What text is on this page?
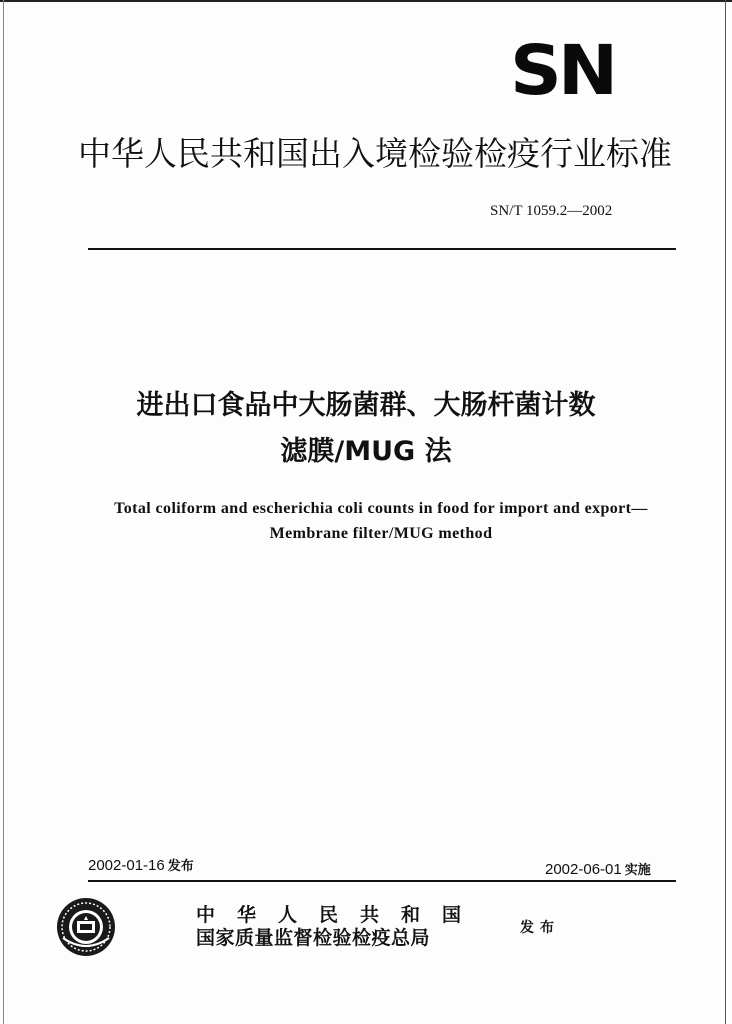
SN
中华人民共和国出入境检验检疫行业标准
SN/T 1059.2—2002
进出口食品中大肠菌群、大肠杆菌计数
滤膜/MUG 法
Total coliform and escherichia coli counts in food for import and export—Membrane filter/MUG method
2002-01-16 发布	2002-06-01 实施
中华人民共和国
国家质量监督检验检疫总局	发布
